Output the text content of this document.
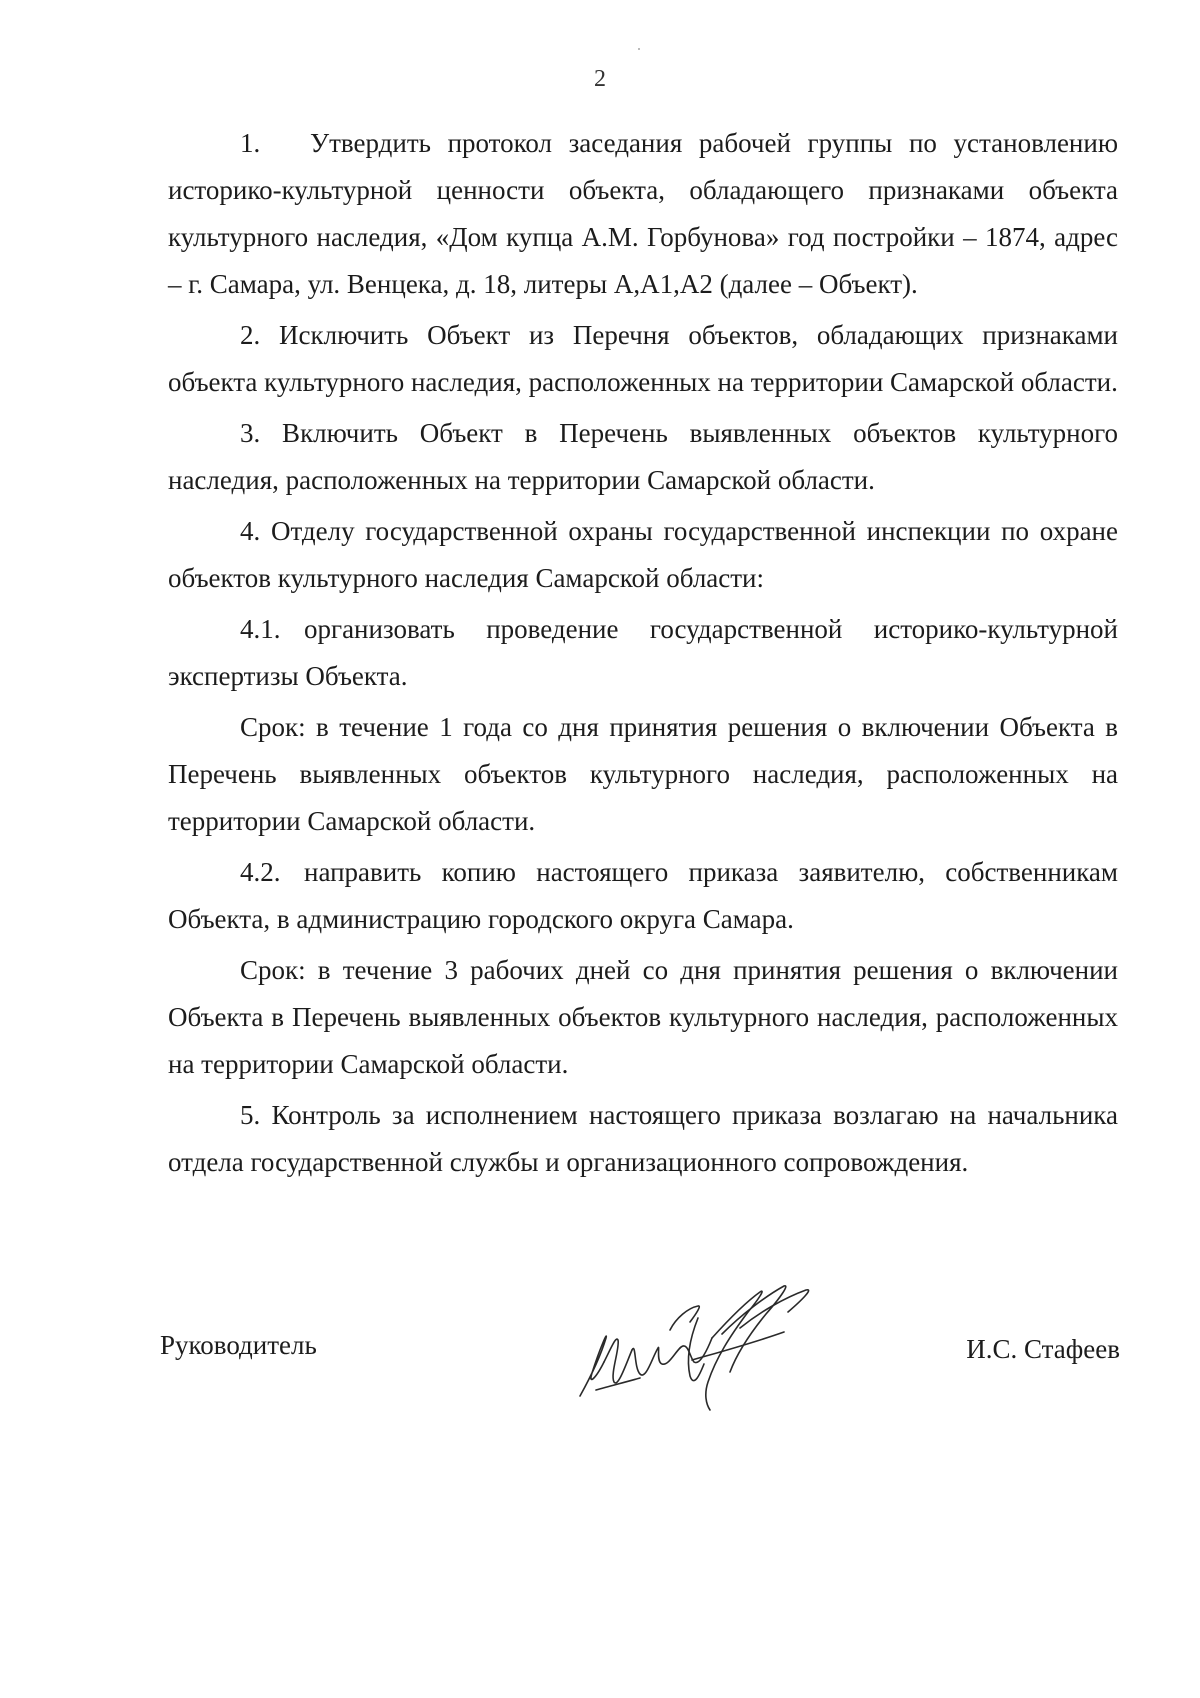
2

1. Утвердить протокол заседания рабочей группы по установлению историко-культурной ценности объекта, обладающего признаками объекта культурного наследия, «Дом купца А.М. Горбунова» год постройки – 1874, адрес – г. Самара, ул. Венцека, д. 18, литеры А,А1,А2 (далее – Объект).

2. Исключить Объект из Перечня объектов, обладающих признаками объекта культурного наследия, расположенных на территории Самарской области.

3. Включить Объект в Перечень выявленных объектов культурного наследия, расположенных на территории Самарской области.

4. Отделу государственной охраны государственной инспекции по охране объектов культурного наследия Самарской области:

4.1. организовать проведение государственной историко-культурной экспертизы Объекта.

Срок: в течение 1 года со дня принятия решения о включении Объекта в Перечень выявленных объектов культурного наследия, расположенных на территории Самарской области.

4.2. направить копию настоящего приказа заявителю, собственникам Объекта, в администрацию городского округа Самара.

Срок: в течение 3 рабочих дней со дня принятия решения о включении Объекта в Перечень выявленных объектов культурного наследия, расположенных на территории Самарской области.

5. Контроль за исполнением настоящего приказа возлагаю на начальника отдела государственной службы и организационного сопровождения.

Руководитель	И.С. Стафеев
